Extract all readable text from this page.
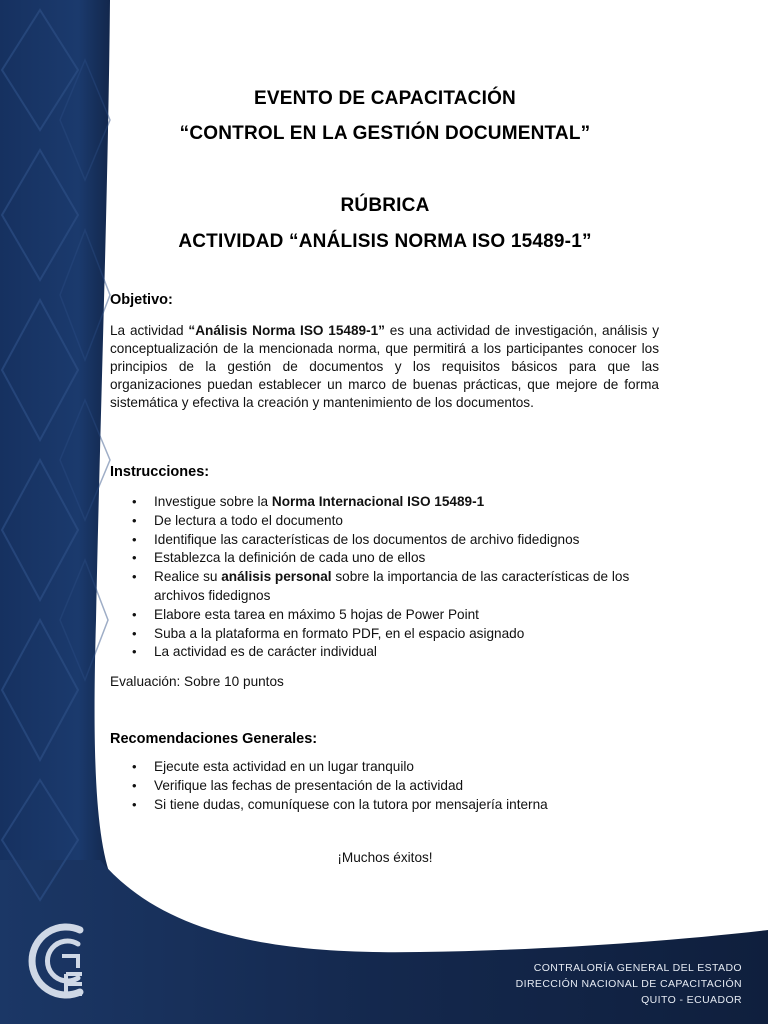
EVENTO DE CAPACITACIÓN
“CONTROL EN LA GESTIÓN DOCUMENTAL”
RÚBRICA
ACTIVIDAD “ANÁLISIS NORMA ISO 15489-1”
Objetivo:
La actividad “Análisis Norma ISO 15489-1” es una actividad de investigación, análisis y conceptualización de la mencionada norma, que permitirá a los participantes conocer los principios de la gestión de documentos y los requisitos básicos para que las organizaciones puedan establecer un marco de buenas prácticas, que mejore de forma sistemática y efectiva la creación y mantenimiento de los documentos.
Instrucciones:
• Investigue sobre la Norma Internacional ISO 15489-1
• De lectura a todo el documento
• Identifique las características de los documentos de archivo fidedignos
• Establezca la definición de cada uno de ellos
• Realice su análisis personal sobre la importancia de las características de los archivos fidedignos
• Elabore esta tarea en máximo 5 hojas de Power Point
• Suba a la plataforma en formato PDF, en el espacio asignado
• La actividad es de carácter individual
Evaluación: Sobre 10 puntos
Recomendaciones Generales:
• Ejecute esta actividad en un lugar tranquilo
• Verifique las fechas de presentación de la actividad
• Si tiene dudas, comuníquese con la tutora por mensajería interna
¡Muchos éxitos!
CONTRALORÍA GENERAL DEL ESTADO
DIRECCIÓN NACIONAL DE CAPACITACIÓN
QUITO - ECUADOR
